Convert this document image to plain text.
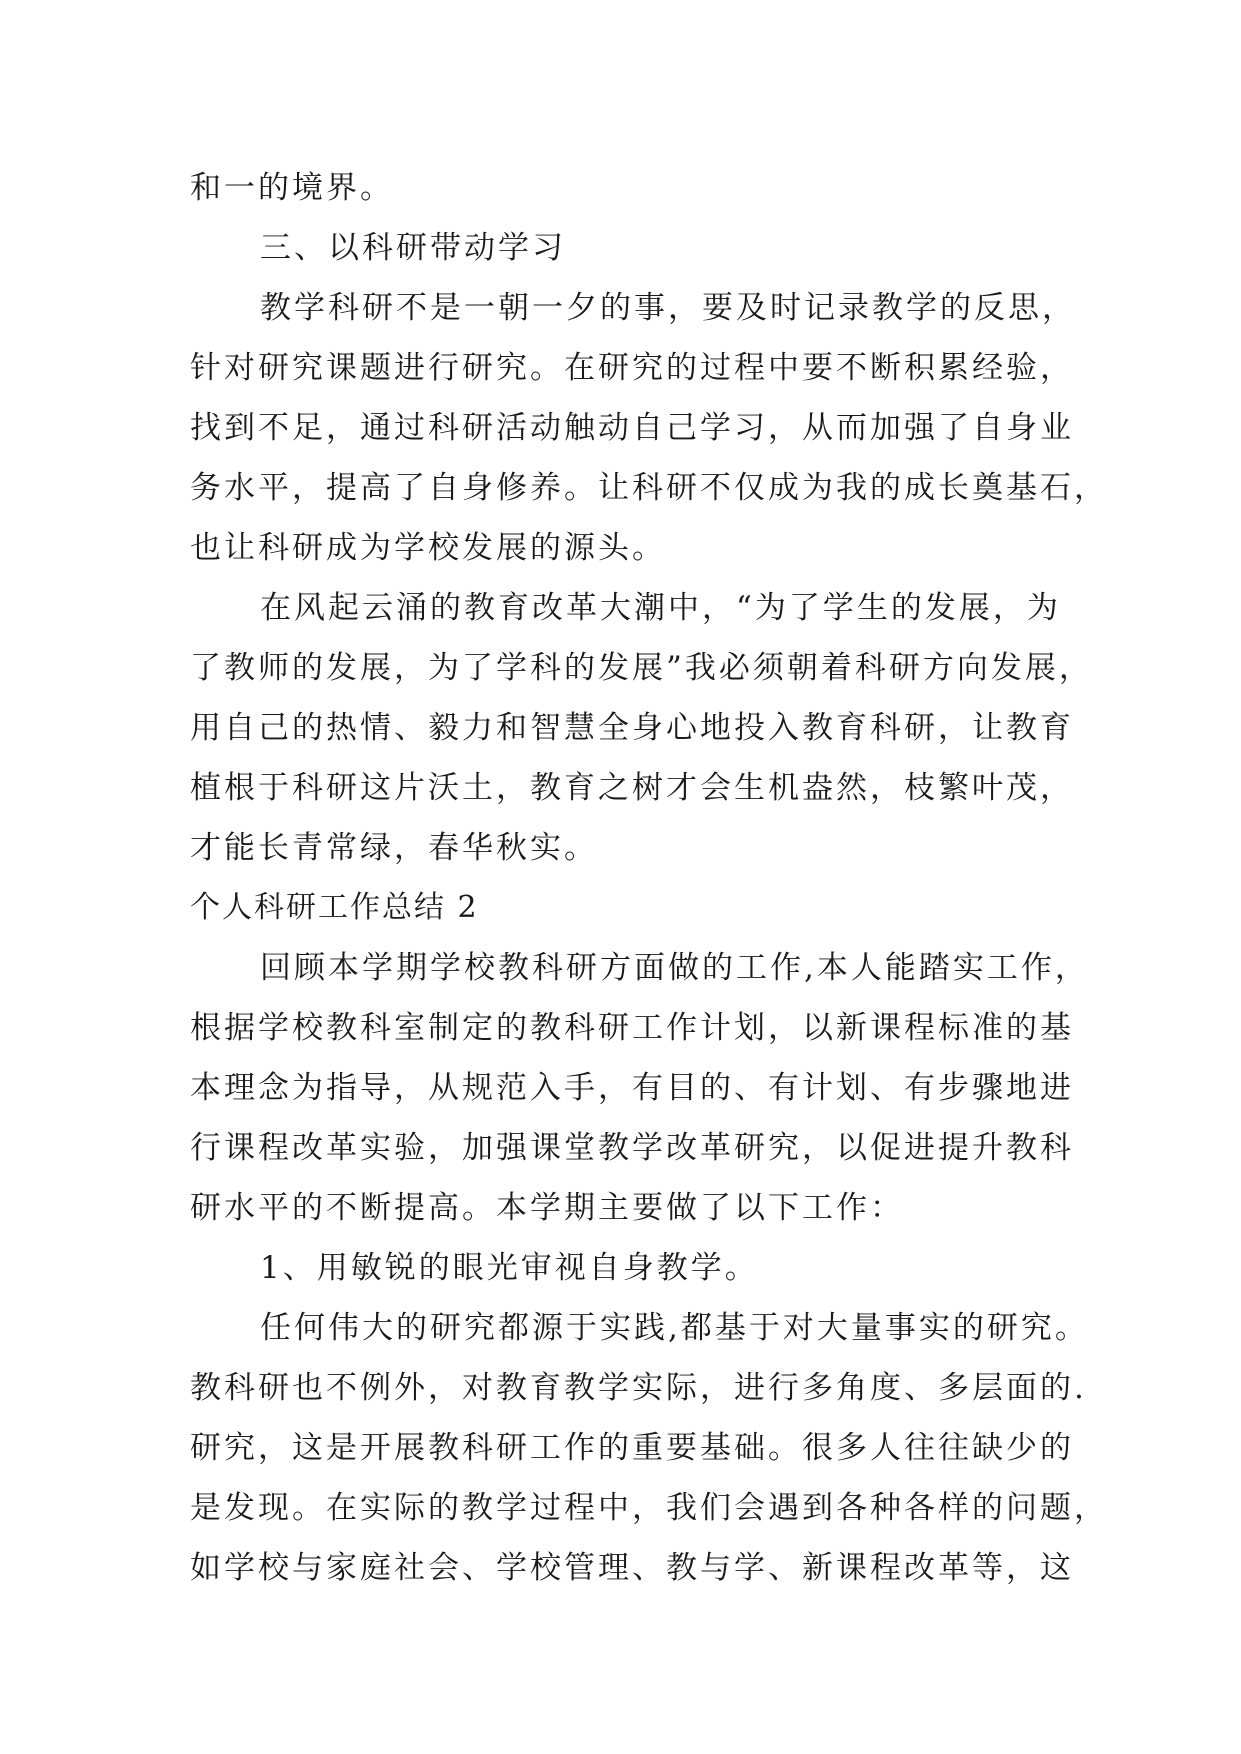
和一的境界。
三、以科研带动学习
教学科研不是一朝一夕的事，要及时记录教学的反思，
针对研究课题进行研究。在研究的过程中要不断积累经验，
找到不足，通过科研活动触动自己学习，从而加强了自身业
务水平，提高了自身修养。让科研不仅成为我的成长奠基石，
也让科研成为学校发展的源头。
在风起云涌的教育改革大潮中，“为了学生的发展，为
了教师的发展，为了学科的发展”我必须朝着科研方向发展，
用自己的热情、毅力和智慧全身心地投入教育科研，让教育
植根于科研这片沃土，教育之树才会生机盎然，枝繁叶茂，
才能长青常绿，春华秋实。
个人科研工作总结 2
回顾本学期学校教科研方面做的工作,本人能踏实工作，
根据学校教科室制定的教科研工作计划，以新课程标准的基
本理念为指导，从规范入手，有目的、有计划、有步骤地进
行课程改革实验，加强课堂教学改革研究，以促进提升教科
研水平的不断提高。本学期主要做了以下工作：
1、用敏锐的眼光审视自身教学。
任何伟大的研究都源于实践,都基于对大量事实的研究。
教科研也不例外，对教育教学实际，进行多角度、多层面的.
研究，这是开展教科研工作的重要基础。很多人往往缺少的
是发现。在实际的教学过程中，我们会遇到各种各样的问题，
如学校与家庭社会、学校管理、教与学、新课程改革等，这
